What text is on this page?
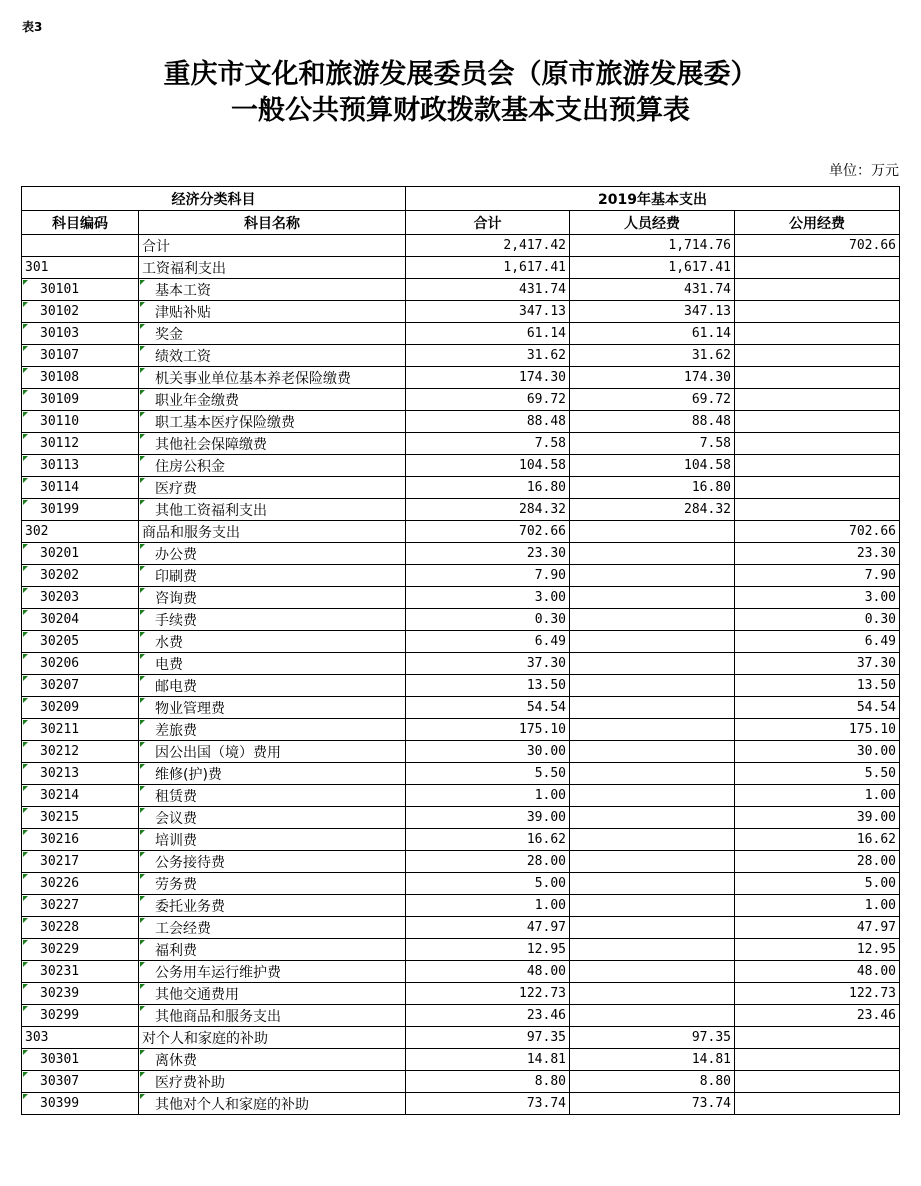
表3
重庆市文化和旅游发展委员会（原市旅游发展委）
一般公共预算财政拨款基本支出预算表
单位：万元
经济分类科目		2019年基本支出		
科目编码	科目名称	合计	人员经费	公用经费
	合计	2,417.42	1,714.76	702.66
301	工资福利支出	1,617.41	1,617.41	
30101	基本工资	431.74	431.74	
30102	津贴补贴	347.13	347.13	
30103	奖金	61.14	61.14	
30107	绩效工资	31.62	31.62	
30108	机关事业单位基本养老保险缴费	174.30	174.30	
30109	职业年金缴费	69.72	69.72	
30110	职工基本医疗保险缴费	88.48	88.48	
30112	其他社会保障缴费	7.58	7.58	
30113	住房公积金	104.58	104.58	
30114	医疗费	16.80	16.80	
30199	其他工资福利支出	284.32	284.32	
302	商品和服务支出	702.66		702.66
30201	办公费	23.30		23.30
30202	印刷费	7.90		7.90
30203	咨询费	3.00		3.00
30204	手续费	0.30		0.30
30205	水费	6.49		6.49
30206	电费	37.30		37.30
30207	邮电费	13.50		13.50
30209	物业管理费	54.54		54.54
30211	差旅费	175.10		175.10
30212	因公出国（境）费用	30.00		30.00
30213	维修(护)费	5.50		5.50
30214	租赁费	1.00		1.00
30215	会议费	39.00		39.00
30216	培训费	16.62		16.62
30217	公务接待费	28.00		28.00
30226	劳务费	5.00		5.00
30227	委托业务费	1.00		1.00
30228	工会经费	47.97		47.97
30229	福利费	12.95		12.95
30231	公务用车运行维护费	48.00		48.00
30239	其他交通费用	122.73		122.73
30299	其他商品和服务支出	23.46		23.46
303	对个人和家庭的补助	97.35	97.35	
30301	离休费	14.81	14.81	
30307	医疗费补助	8.80	8.80	
30399	其他对个人和家庭的补助	73.74	73.74	
